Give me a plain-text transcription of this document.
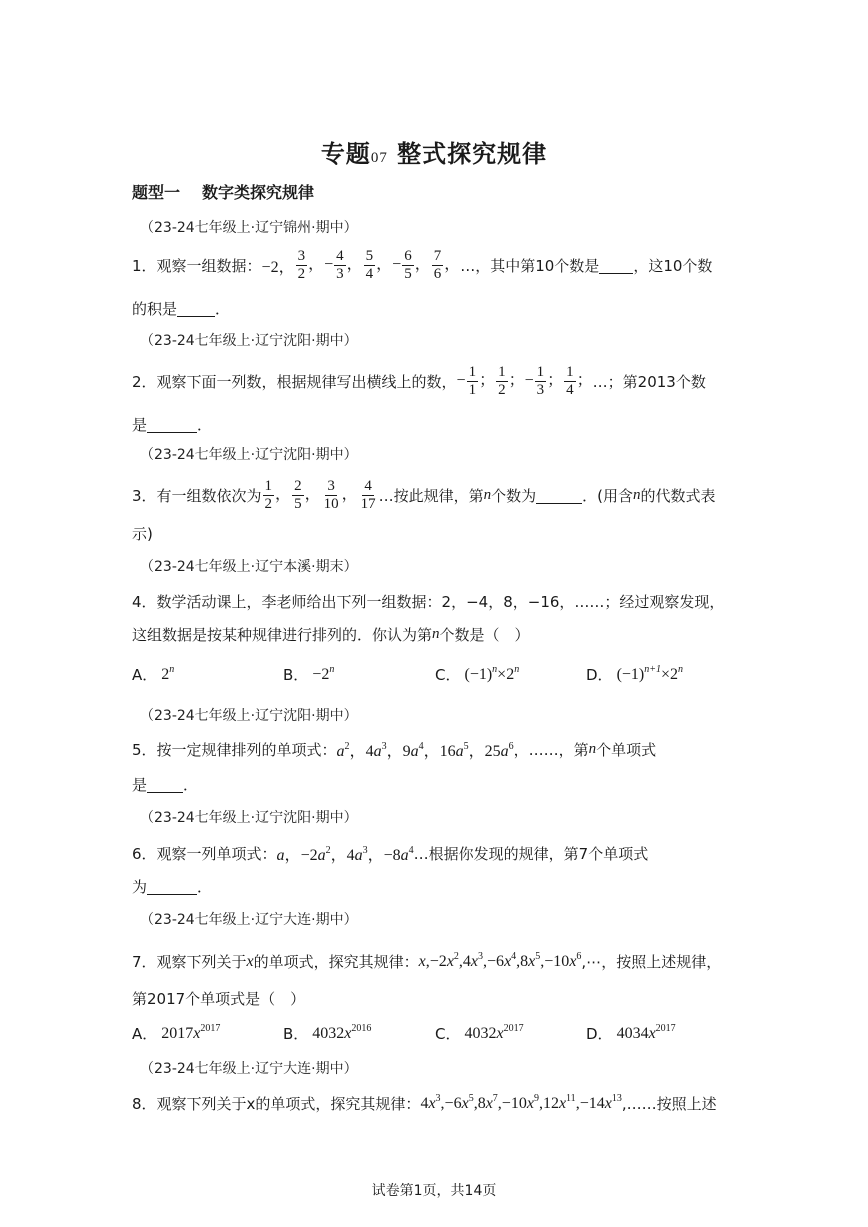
专题07 整式探究规律
题型一 数字类探究规律
（23-24七年级上·辽宁锦州·期中）
1．观察一组数据： −2， $\frac{3}{2}$ ，− $\frac{4}{3}$ ， $\frac{5}{4}$ ，− $\frac{6}{5}$ ， $\frac{7}{6}$ ， …，其中第10个数是 ，这10个数
的积是	．
（23-24七年级上·辽宁沈阳·期中）
2．观察下面一列数，根据规律写出横线上的数， − $\frac{1}{1}$ ； $\frac{1}{2}$ ；− $\frac{1}{3}$ ； $\frac{1}{4}$ ； …；第2013个数
是	．
（23-24七年级上·辽宁沈阳·期中）
3．有一组数依次为 $\frac{1}{2}$ ， $\frac{2}{5}$ ， $\frac{3}{10}$ ， $\frac{4}{17}$ …按此规律，第 n 个数为	．(用含 n 的代数式表
示)
（23-24七年级上·辽宁本溪·期末）
4．数学活动课上，李老师给出下列一组数据：2，−4，8，−16，……；经过观察发现，
这组数据是按某种规律进行排列的．你认为第 n 个数是（　）
A． 2$^n$	B． $-2^n$	C． $(-1)^n\times 2^n$	D． $(-1)^{n+1}\times 2^n$
（23-24七年级上·辽宁沈阳·期中）
5．按一定规律排列的单项式： $a^2$，$4a^3$，$9a^4$，$16a^5$，$25a^6$ ，……，第 n 个单项式
是 ．
（23-24七年级上·辽宁沈阳·期中）
6．观察一列单项式： a，$-2a^2$，$4a^3$，$-8a^4$ …根据你发现的规律，第7个单项式
为	．
（23-24七年级上·辽宁大连·期中）
7．观察下列关于 x 的单项式，探究其规律： $x,-2x^2,4x^3,-6x^4,8x^5,-10x^6$ ,⋯，按照上述规律，
第2017个单项式是（　）
A． $2017x^{2017}$	B． $4032x^{2016}$	C． $4032x^{2017}$	D． $4034x^{2017}$
（23-24七年级上·辽宁大连·期中）
8．观察下列关于x的单项式，探究其规律： $4x^3,-6x^5,8x^7,-10x^9,12x^{11},-14x^{13}$ ,……按照上述
试卷第1页，共14页
